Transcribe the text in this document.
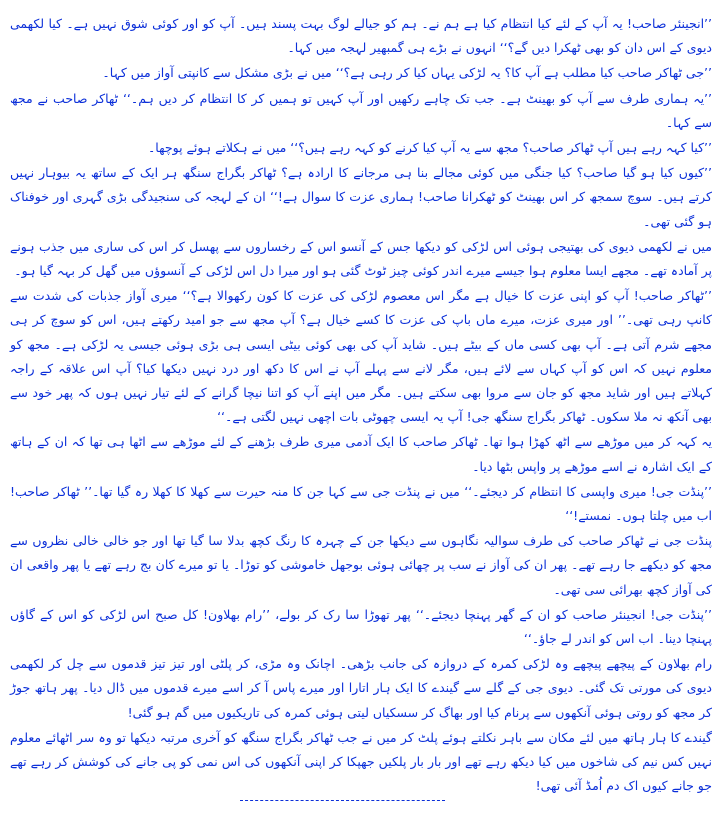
’’انجینئر صاحب! یہ آپ کے لئے کیا انتظام کیا ہے ہم نے۔ ہم کو جیالے لوگ بہت پسند ہیں۔ آپ کو اور کوئی شوق نہیں ہے۔ کیا لکھمی دیوی کے اس دان کو بھی ٹھکرا دیں گے؟‘‘ انہوں نے بڑے ہی گمبھیر لہجہ میں کہا۔

’’جی ٹھاکر صاحب کیا مطلب ہے آپ کا؟ یہ لڑکی یہاں کیا کر رہی ہے؟‘‘ میں نے بڑی مشکل سے کانپتی آواز میں کہا۔

’’یہ ہماری طرف سے آپ کو بھینٹ ہے۔ جب تک چاہے رکھیں اور آپ کہیں تو ہمیں کر کا انتظام کر دیں ہم۔‘‘ ٹھاکر صاحب نے مجھ سے کہا۔

’’کیا کہہ رہے ہیں آپ ٹھاکر صاحب؟ مجھ سے یہ آپ کیا کرنے کو کہہ رہے ہیں؟‘‘ میں نے ہکلاتے ہوئے پوچھا۔

’’کیوں کیا ہو گیا صاحب؟ کیا جنگی میں کوئی مجالے بنا ہی مرجانے کا ارادہ ہے؟ ٹھاکر بگراج سنگھ ہر ایک کے ساتھ یہ بیوہار نہیں کرتے ہیں۔ سوچ سمجھ کر اس بھینٹ کو ٹھکرانا صاحب! ہماری عزت کا سوال ہے!‘‘ ان کے لہجہ کی سنجیدگی بڑی گہری اور خوفناک ہو گئی تھی۔

میں نے لکھمی دیوی کی بھتیجی ہوئی اس لڑکی کو دیکھا جس کے آنسو اس کے رخساروں سے پھسل کر اس کی ساری میں جذب ہونے پر آمادہ تھے۔ مجھے ایسا معلوم ہوا جیسے میرے اندر کوئی چیز ٹوٹ گئی ہو اور میرا دل اس لڑکی کے آنسوؤں میں گھل کر بہہ گیا ہو۔

’’ٹھاکر صاحب! آپ کو اپنی عزت کا خیال ہے مگر اس معصوم لڑکی کی عزت کا کون رکھوالا ہے؟‘‘ میری آواز جذبات کی شدت سے کانپ رہی تھی۔’’ اور میری عزت، میرے ماں باپ کی عزت کا کسے خیال ہے؟ آپ مجھ سے جو امید رکھتے ہیں، اس کو سوچ کر ہی مجھے شرم آتی ہے۔ آپ بھی کسی ماں کے بیٹے ہیں۔ شاید آپ کی بھی کوئی بیٹی ایسی ہی بڑی ہوئی جیسی یہ لڑکی ہے۔ مجھ کو معلوم نہیں کہ اس کو آپ کہاں سے لائے ہیں، مگر لانے سے پہلے آپ نے اس کا دکھ اور درد نہیں دیکھا کیا؟ آپ اس علاقہ کے راجہ کہلاتے ہیں اور شاید مجھ کو جان سے مروا بھی سکتے ہیں۔ مگر میں اپنے آپ کو اتنا نیچا گرانے کے لئے تیار نہیں ہوں کہ پھر خود سے بھی آنکھ نہ ملا سکوں۔ ٹھاکر بگراج سنگھ جی! آپ یہ ایسی چھوٹی بات اچھی نہیں لگتی ہے۔‘‘

یہ کہہ کر میں موڑھے سے اٹھ کھڑا ہوا تھا۔ ٹھاکر صاحب کا ایک آدمی میری طرف بڑھنے کے لئے موڑھے سے اٹھا ہی تھا کہ ان کے ہاتھ کے ایک اشارہ نے اسے موڑھے پر واپس بٹھا دیا۔

’’پنڈت جی! میری واپسی کا انتظام کر دیجئے۔‘‘ میں نے پنڈت جی سے کہا جن کا منہ حیرت سے کھلا کا کھلا رہ گیا تھا۔’’ ٹھاکر صاحب! اب میں چلتا ہوں۔ نمستے!‘‘

پنڈت جی نے ٹھاکر صاحب کی طرف سوالیہ نگاہوں سے دیکھا جن کے چہرہ کا رنگ کچھ بدلا سا گیا تھا اور جو خالی خالی نظروں سے مجھ کو دیکھے جا رہے تھے۔ پھر ان کی آواز نے سب پر چھائی ہوئی بوجھل خاموشی کو توڑا۔ یا تو میرے کان بج رہے تھے یا پھر واقعی ان کی آواز کچھ بھرائی سی تھی۔

’’پنڈت جی! انجینئر صاحب کو ان کے گھر پہنچا دیجئے۔‘‘ پھر تھوڑا سا رک کر بولے، ’’رام بھلاون! کل صبح اس لڑکی کو اس کے گاؤں پہنچا دینا۔ اب اس کو اندر لے جاؤ۔‘‘

رام بھلاون کے پیچھے پیچھے وہ لڑکی کمرہ کے دروازہ کی جانب بڑھی۔ اچانک وہ مڑی، کر پلٹی اور تیز تیز قدموں سے چل کر لکھمی دیوی کی مورتی تک گئی۔ دیوی جی کے گلے سے گیندے کا ایک ہار اتارا اور میرے پاس آ کر اسے میرے قدموں میں ڈال دیا۔ پھر ہاتھ جوڑ کر مجھ کو روتی ہوئی آنکھوں سے پرنام کیا اور بھاگ کر سسکیاں لیتی ہوئی کمرہ کی تاریکیوں میں گم ہو گئی!

گیندے کا ہار ہاتھ میں لئے مکان سے باہر نکلتے ہوئے پلٹ کر میں نے جب ٹھاکر بگراج سنگھ کو آخری مرتبہ دیکھا تو وہ سر اٹھائے معلوم نہیں کس نیم کی شاخوں میں کیا دیکھ رہے تھے اور بار بار پلکیں جھپکا کر اپنی آنکھوں کی اس نمی کو پی جانے کی کوشش کر رہے تھے جو جانے کیوں اک دم اُمڈ آئی تھی!
